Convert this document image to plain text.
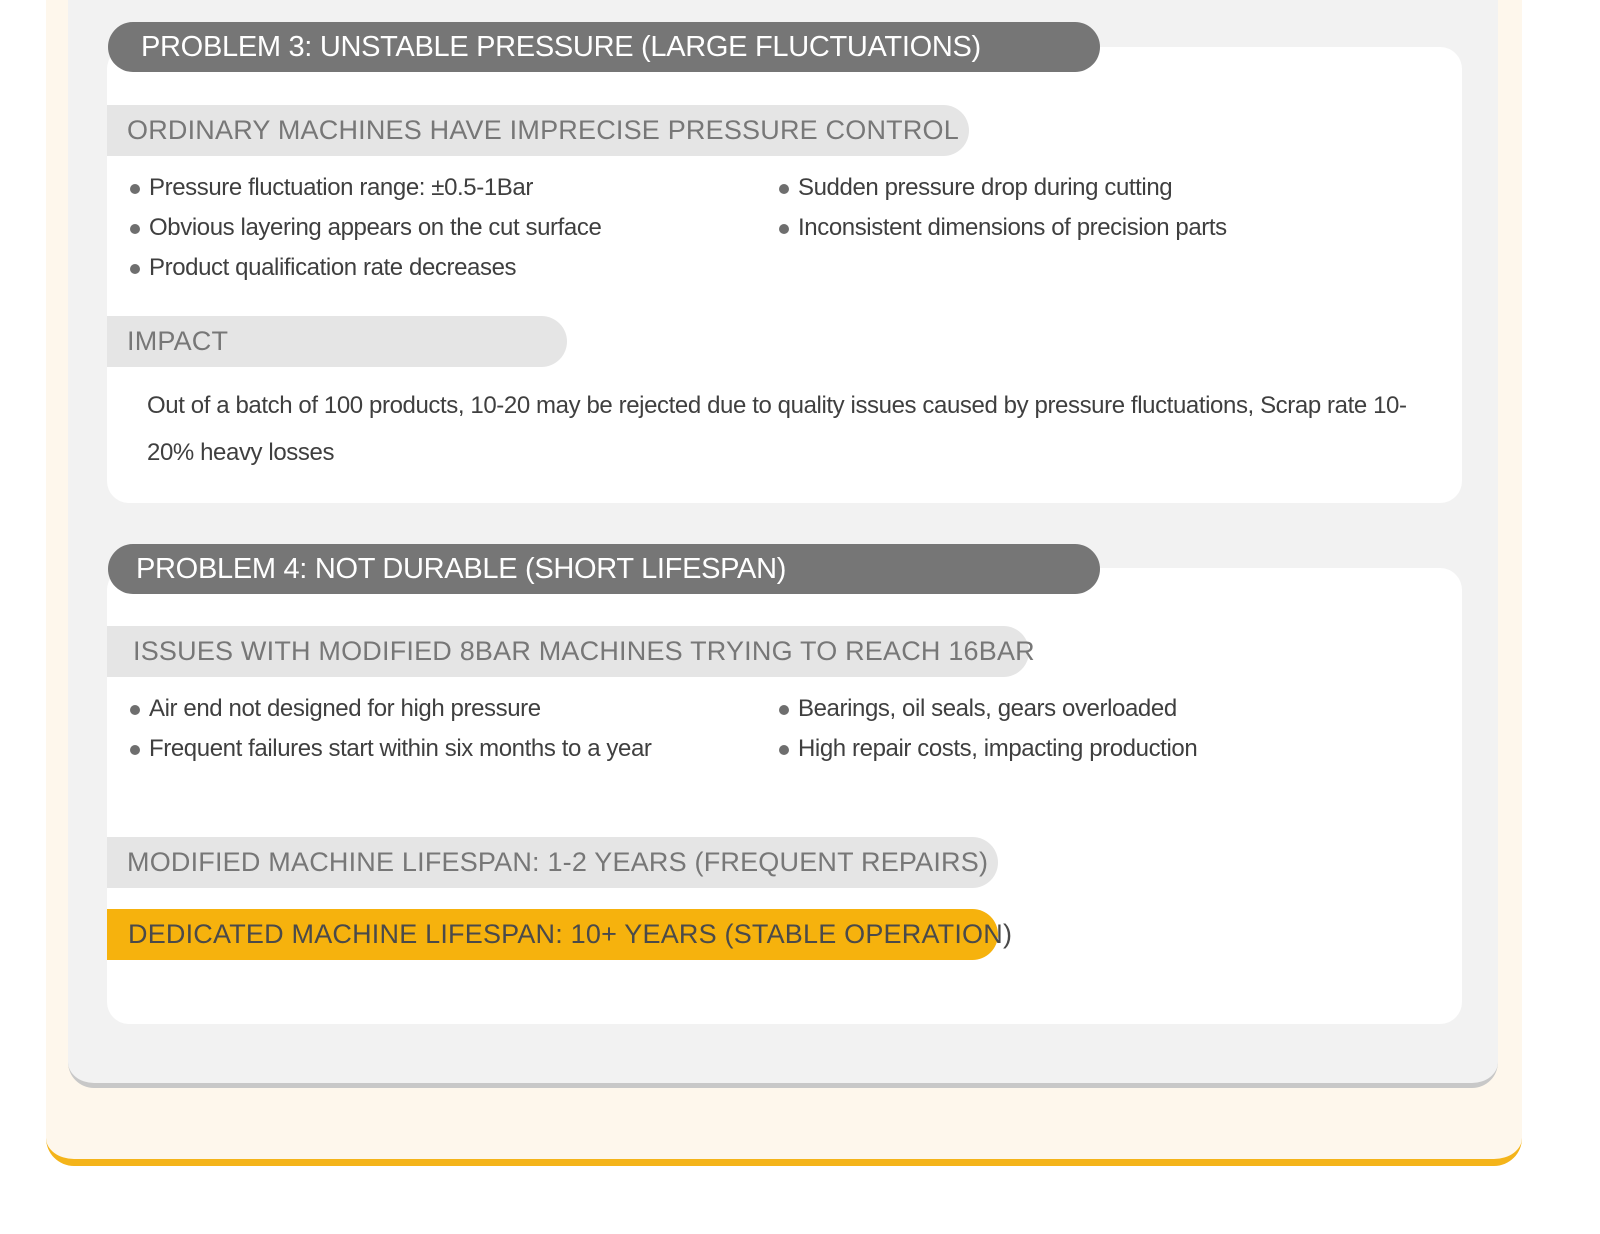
PROBLEM 3: UNSTABLE PRESSURE (LARGE FLUCTUATIONS)
ORDINARY MACHINES HAVE IMPRECISE PRESSURE CONTROL
Pressure fluctuation range: ±0.5-1Bar
Obvious layering appears on the cut surface
Product qualification rate decreases
Sudden pressure drop during cutting
Inconsistent dimensions of precision parts
IMPACT
Out of a batch of 100 products, 10-20 may be rejected due to quality issues caused by pressure fluctuations, Scrap rate 10-20% heavy losses
PROBLEM 4: NOT DURABLE (SHORT LIFESPAN)
ISSUES WITH MODIFIED 8BAR MACHINES TRYING TO REACH 16BAR
Air end not designed for high pressure
Frequent failures start within six months to a year
Bearings, oil seals, gears overloaded
High repair costs, impacting production
MODIFIED MACHINE LIFESPAN: 1-2 YEARS (FREQUENT REPAIRS)
DEDICATED MACHINE LIFESPAN: 10+ YEARS (STABLE OPERATION)
